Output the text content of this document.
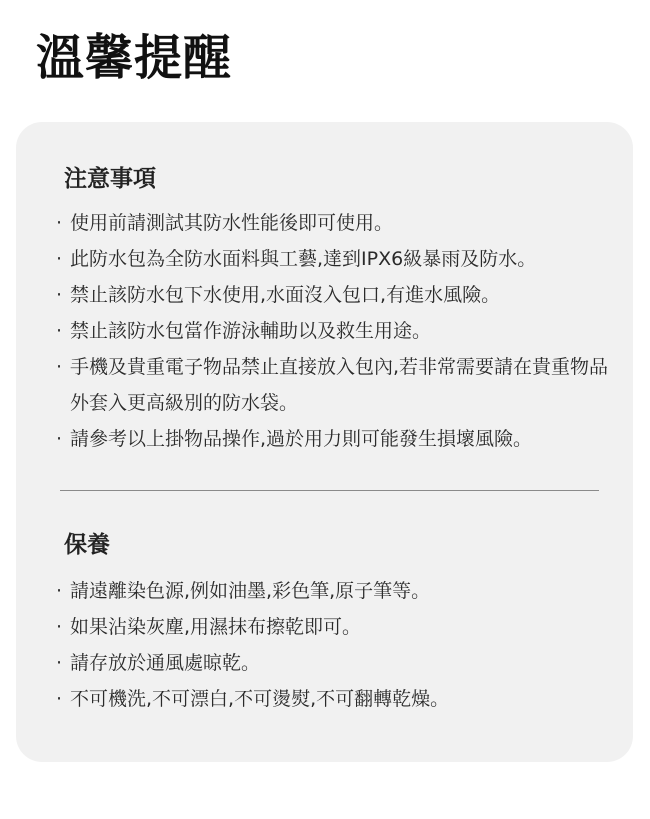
溫馨提醒
注意事項
· 使用前請測試其防水性能後即可使用。
· 此防水包為全防水面料與工藝,達到IPX6級暴雨及防水。
· 禁止該防水包下水使用,水面沒入包口,有進水風險。
· 禁止該防水包當作游泳輔助以及救生用途。
· 手機及貴重電子物品禁止直接放入包內,若非常需要請在貴重物品外套入更高級別的防水袋。
· 請參考以上掛物品操作,過於用力則可能發生損壞風險。
保養
· 請遠離染色源,例如油墨,彩色筆,原子筆等。
· 如果沾染灰塵,用濕抹布擦乾即可。
· 請存放於通風處晾乾。
· 不可機洗,不可漂白,不可燙熨,不可翻轉乾燥。
